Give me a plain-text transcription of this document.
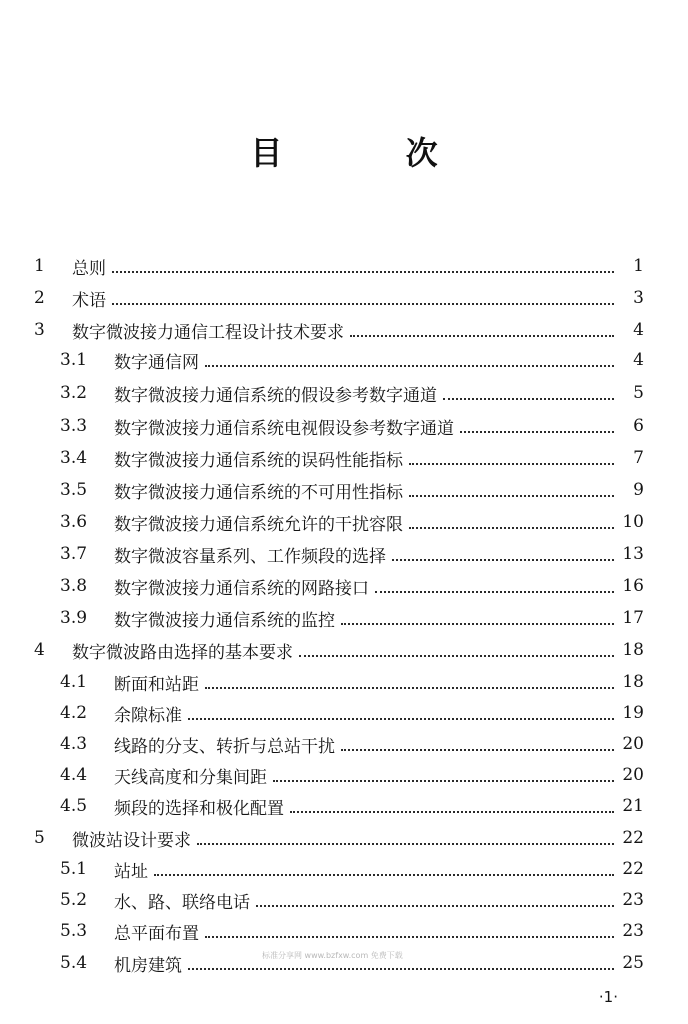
目 次
1	总则	1
2	术语	3
3	数字微波接力通信工程设计技术要求	4
3.1	数字通信网	4
3.2	数字微波接力通信系统的假设参考数字通道	5
3.3	数字微波接力通信系统电视假设参考数字通道	6
3.4	数字微波接力通信系统的误码性能指标	7
3.5	数字微波接力通信系统的不可用性指标	9
3.6	数字微波接力通信系统允许的干扰容限	10
3.7	数字微波容量系列、工作频段的选择	13
3.8	数字微波接力通信系统的网路接口	16
3.9	数字微波接力通信系统的监控	17
4	数字微波路由选择的基本要求	18
4.1	断面和站距	18
4.2	余隙标准	19
4.3	线路的分支、转折与总站干扰	20
4.4	天线高度和分集间距	20
4.5	频段的选择和极化配置	21
5	微波站设计要求	22
5.1	站址	22
5.2	水、路、联络电话	23
5.3	总平面布置	23
5.4	机房建筑	25
标准分享网 www.bzfxw.com 免费下载
·1·
